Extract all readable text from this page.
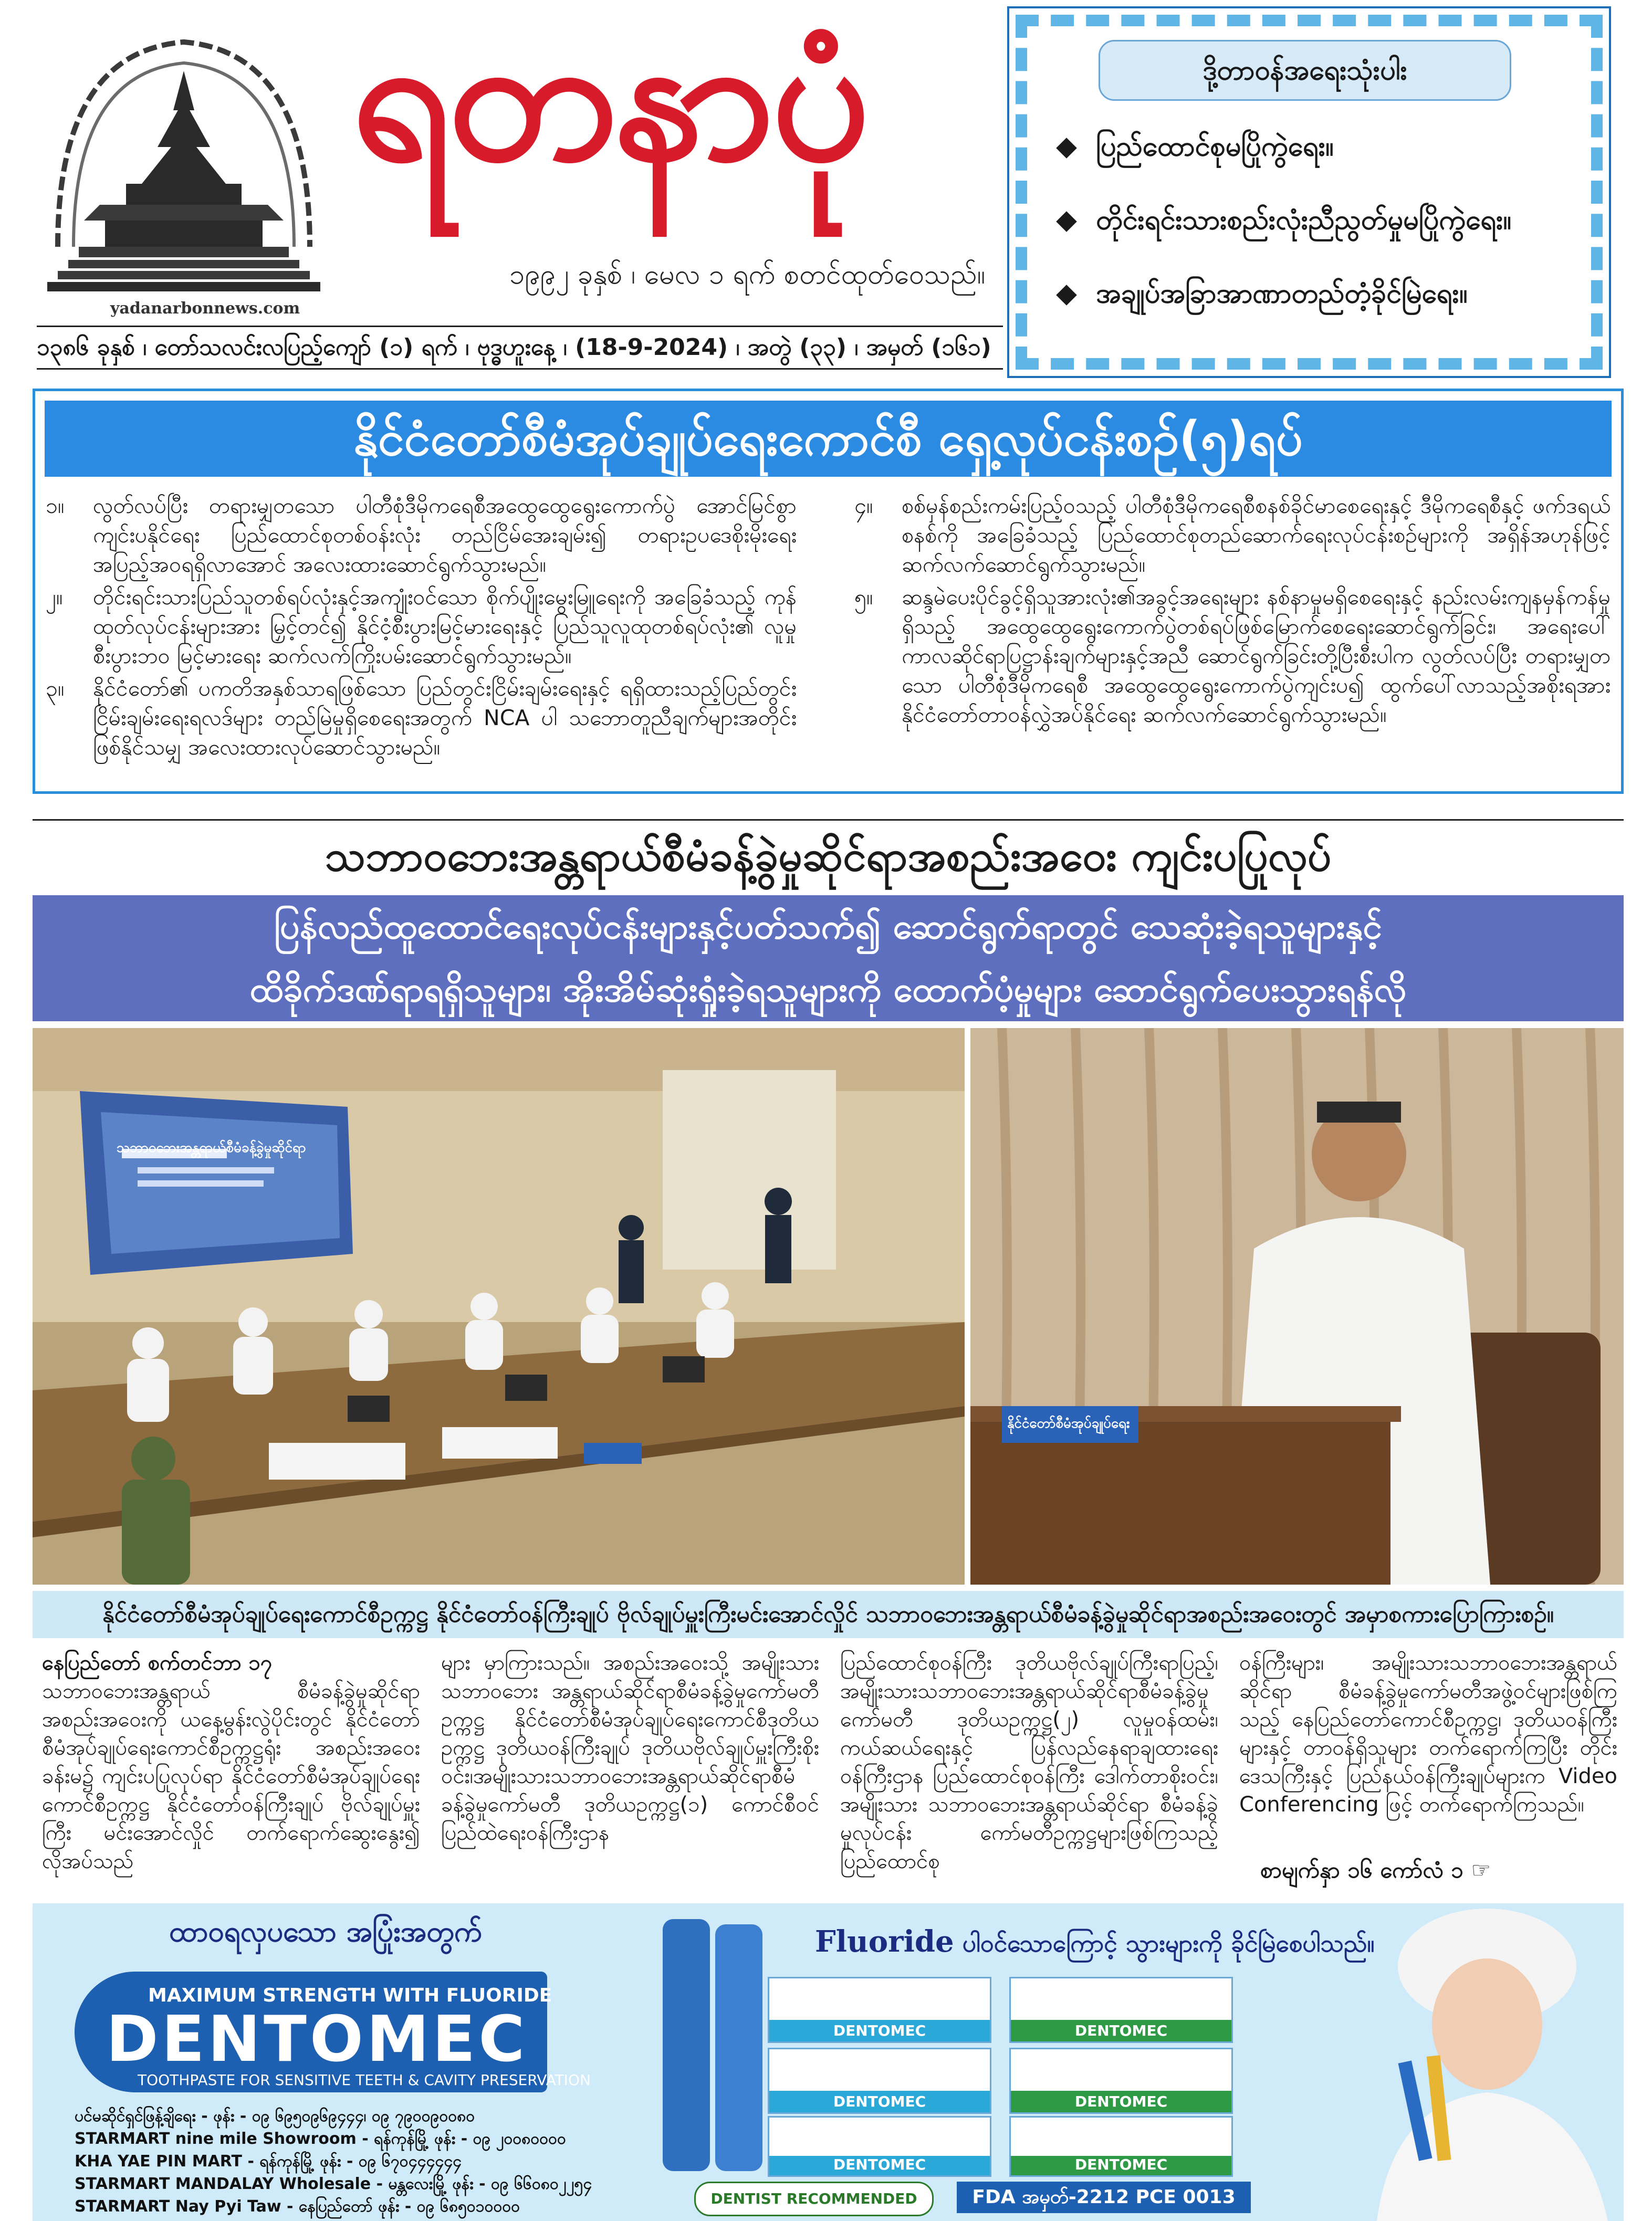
ရတနာပုံ
၁၉၉၂ ခုနှစ် ၊ မေလ ၁ ရက် စတင်ထုတ်ဝေသည်။
yadanarbonnews.com
၁၃၈၆ ခုနှစ် ၊ တော်သလင်းလပြည့်ကျော် (၁) ရက် ၊ ဗုဒ္ဓဟူးနေ့ ၊ (18-9-2024) ၊ အတွဲ (၃၃) ၊ အမှတ် (၁၆၁)
ဒို့တာဝန်အရေးသုံးပါး
ပြည်ထောင်စုမပြိုကွဲရေး။
တိုင်းရင်းသားစည်းလုံးညီညွတ်မှုမပြိုကွဲရေး။
အချုပ်အခြာအာဏာတည်တံ့ခိုင်မြဲရေး။
နိုင်ငံတော်စီမံအုပ်ချုပ်ရေးကောင်စီ ရှေ့လုပ်ငန်းစဉ်(၅)ရပ်
၁။ လွတ်လပ်ပြီး တရားမျှတသော ပါတီစုံဒီမိုကရေစီအထွေထွေရွေးကောက်ပွဲ အောင်မြင်စွာကျင်းပနိုင်ရေး ပြည်ထောင်စုတစ်ဝန်းလုံး တည်ငြိမ်အေးချမ်း၍ တရားဥပဒေစိုးမိုးရေးအပြည့်အဝရရှိလာအောင် အလေးထားဆောင်ရွက်သွားမည်။
၂။ တိုင်းရင်းသားပြည်သူတစ်ရပ်လုံးနှင့်အကျုံးဝင်သော စိုက်ပျိုးမွေးမြူရေးကို အခြေခံသည့် ကုန်ထုတ်လုပ်ငန်းများအား မြှင့်တင်၍ နိုင်ငံ့စီးပွားမြင့်မားရေးနှင့် ပြည်သူလူထုတစ်ရပ်လုံး၏ လူမှုစီးပွားဘဝ မြင့်မားရေး ဆက်လက်ကြိုးပမ်းဆောင်ရွက်သွားမည်။
၃။ နိုင်ငံတော်၏ ပကတိအနှစ်သာရဖြစ်သော ပြည်တွင်းငြိမ်းချမ်းရေးနှင့် ရရှိထားသည့်ပြည်တွင်းငြိမ်းချမ်းရေးရလဒ်များ တည်မြဲမှုရှိစေရေးအတွက် NCA ပါ သဘောတူညီချက်များအတိုင်း ဖြစ်နိုင်သမျှ အလေးထားလုပ်ဆောင်သွားမည်။
၄။ စစ်မှန်စည်းကမ်းပြည့်ဝသည့် ပါတီစုံဒီမိုကရေစီစနစ်ခိုင်မာစေရေးနှင့် ဒီမိုကရေစီနှင့် ဖက်ဒရယ်စနစ်ကို အခြေခံသည့် ပြည်ထောင်စုတည်ဆောက်ရေးလုပ်ငန်းစဉ်များကို အရှိန်အဟုန်ဖြင့် ဆက်လက်ဆောင်ရွက်သွားမည်။
၅။ ဆန္ဒမဲပေးပိုင်ခွင့်ရှိသူအားလုံး၏အခွင့်အရေးများ နစ်နာမှုမရှိစေရေးနှင့် နည်းလမ်းကျနမှန်ကန်မှုရှိသည့် အထွေထွေရွေးကောက်ပွဲတစ်ရပ်ဖြစ်မြောက်စေရေးဆောင်ရွက်ခြင်း၊ အရေးပေါ်ကာလဆိုင်ရာပြဋ္ဌာန်းချက်များနှင့်အညီ ဆောင်ရွက်ခြင်းတို့ပြီးစီးပါက လွတ်လပ်ပြီး တရားမျှတသော ပါတီစုံဒီမိုကရေစီ အထွေထွေရွေးကောက်ပွဲကျင်းပ၍ ထွက်ပေါ်လာသည့်အစိုးရအား နိုင်ငံတော်တာဝန်လွှဲအပ်နိုင်ရေး ဆက်လက်ဆောင်ရွက်သွားမည်။
သဘာဝဘေးအန္တရာယ်စီမံခန့်ခွဲမှုဆိုင်ရာအစည်းအဝေး ကျင်းပပြုလုပ်
ပြန်လည်ထူထောင်ရေးလုပ်ငန်းများနှင့်ပတ်သက်၍ ဆောင်ရွက်ရာတွင် သေဆုံးခဲ့ရသူများနှင့်
ထိခိုက်ဒဏ်ရာရရှိသူများ၊ အိုးအိမ်ဆုံးရှုံးခဲ့ရသူများကို ထောက်ပံ့မှုများ ဆောင်ရွက်ပေးသွားရန်လို
သဘာဝဘေးအန္တရာယ်စီမံခန့်ခွဲမှုဆိုင်ရာ
နိုင်ငံတော်စီမံအုပ်ချုပ်ရေး
နိုင်ငံတော်စီမံအုပ်ချုပ်ရေးကောင်စီဥက္ကဋ္ဌ နိုင်ငံတော်ဝန်ကြီးချုပ် ဗိုလ်ချုပ်မှူးကြီးမင်းအောင်လှိုင် သဘာဝဘေးအန္တရာယ်စီမံခန့်ခွဲမှုဆိုင်ရာအစည်းအဝေးတွင် အမှာစကားပြောကြားစဉ်။
နေပြည်တော် စက်တင်ဘာ ၁၇
သဘာဝဘေးအန္တရာယ် စီမံခန့်ခွဲမှုဆိုင်ရာ အစည်းအဝေးကို ယနေ့မွန်းလွဲပိုင်းတွင် နိုင်ငံတော်စီမံအုပ်ချုပ်ရေးကောင်စီဥက္ကဋ္ဌရုံး အစည်းအဝေးခန်းမ၌ ကျင်းပပြုလုပ်ရာ နိုင်ငံတော်စီမံအုပ်ချုပ်ရေးကောင်စီဥက္ကဋ္ဌ နိုင်ငံတော်ဝန်ကြီးချုပ် ဗိုလ်ချုပ်မှူးကြီး မင်းအောင်လှိုင် တက်ရောက်ဆွေးနွေး၍ လိုအပ်သည်
များ မှာကြားသည်။ အစည်းအဝေးသို့ အမျိုးသားသဘာဝဘေး အန္တရာယ်ဆိုင်ရာစီမံခန့်ခွဲမှုကော်မတီဥက္ကဋ္ဌ နိုင်ငံတော်စီမံအုပ်ချုပ်ရေးကောင်စီဒုတိယဥက္ကဋ္ဌ ဒုတိယဝန်ကြီးချုပ် ဒုတိယဗိုလ်ချုပ်မှူးကြီးစိုးဝင်း၊အမျိုးသားသဘာဝဘေးအန္တရာယ်ဆိုင်ရာစီမံခန့်ခွဲမှုကော်မတီ ဒုတိယဥက္ကဋ္ဌ(၁) ကောင်စီဝင် ပြည်ထဲရေးဝန်ကြီးဌာန
ပြည်ထောင်စုဝန်ကြီး ဒုတိယဗိုလ်ချုပ်ကြီးရာပြည့်၊ အမျိုးသားသဘာဝဘေးအန္တရာယ်ဆိုင်ရာစီမံခန့်ခွဲမှု ကော်မတီ ဒုတိယဥက္ကဋ္ဌ(၂) လူမှုဝန်ထမ်း၊ ကယ်ဆယ်ရေးနှင့် ပြန်လည်နေရာချထားရေးဝန်ကြီးဌာန ပြည်ထောင်စုဝန်ကြီး ဒေါက်တာစိုးဝင်း၊ အမျိုးသား သဘာဝဘေးအန္တရာယ်ဆိုင်ရာ စီမံခန့်ခွဲမှုလုပ်ငန်း ကော်မတီဥက္ကဋ္ဌများဖြစ်ကြသည့် ပြည်ထောင်စု
ဝန်ကြီးများ၊ အမျိုးသားသဘာဝဘေးအန္တရာယ်ဆိုင်ရာ စီမံခန့်ခွဲမှုကော်မတီအဖွဲ့ဝင်များဖြစ်ကြသည့် နေပြည်တော်ကောင်စီဥက္ကဋ္ဌ၊ ဒုတိယဝန်ကြီးများနှင့် တာဝန်ရှိသူများ တက်ရောက်ကြပြီး တိုင်းဒေသကြီးနှင့် ပြည်နယ်ဝန်ကြီးချုပ်များက Video Conferencing ဖြင့် တက်ရောက်ကြသည်။
စာမျက်နှာ ၁၆ ကော်လံ ၁ ☞
ထာဝရလှပသော အပြုံးအတွက်
MAXIMUM STRENGTH WITH FLUORIDE
DENTOMEC
TOOTHPASTE FOR SENSITIVE TEETH & CAVITY PRESERVATION
ပင်မဆိုင်ရှင်ဖြန့်ချိရေး - ဖုန်း - ၀၉ ၆၉၅၀၉၆၉၄၄၄၊ ၀၉ ၇၉၀၀၉၀၀၈၀
STARMART nine mile Showroom - ရန်ကုန်မြို့ ဖုန်း - ၀၉ ၂၀၀၈၀၀၀၀
KHA YAE PIN MART - ရန်ကုန်မြို့ ဖုန်း - ၀၉ ၆၇၀၄၄၄၄၄၄
STARMART MANDALAY Wholesale - မန္တလေးမြို့ ဖုန်း - ၀၉ ၆၆၀၈၀၂၂၅၄
STARMART Nay Pyi Taw - နေပြည်တော် ဖုန်း - ၀၉ ၆၈၅၀၁၀၀၀၀
Fluoride ပါဝင်သောကြောင့် သွားများကို ခိုင်မြဲစေပါသည်။
DENTOMEC	DENTOMEC
DENTOMEC	DENTOMEC
DENTOMEC	DENTOMEC
DENTIST RECOMMENDED	FDA အမှတ်-2212 PCE 0013
